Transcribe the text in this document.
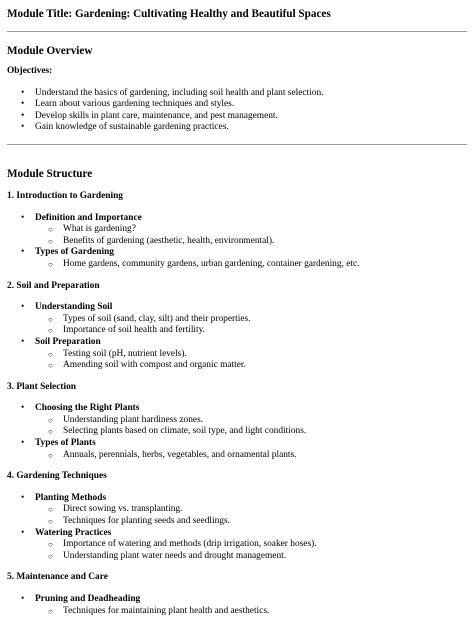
Module Title: Gardening: Cultivating Healthy and Beautiful Spaces
Module Overview
Objectives:
• Understand the basics of gardening, including soil health and plant selection.
• Learn about various gardening techniques and styles.
• Develop skills in plant care, maintenance, and pest management.
• Gain knowledge of sustainable gardening practices.
Module Structure
1. Introduction to Gardening
• Definition and Importance
○ What is gardening?
○ Benefits of gardening (aesthetic, health, environmental).
• Types of Gardening
○ Home gardens, community gardens, urban gardening, container gardening, etc.
2. Soil and Preparation
• Understanding Soil
○ Types of soil (sand, clay, silt) and their properties.
○ Importance of soil health and fertility.
• Soil Preparation
○ Testing soil (pH, nutrient levels).
○ Amending soil with compost and organic matter.
3. Plant Selection
• Choosing the Right Plants
○ Understanding plant hardiness zones.
○ Selecting plants based on climate, soil type, and light conditions.
• Types of Plants
○ Annuals, perennials, herbs, vegetables, and ornamental plants.
4. Gardening Techniques
• Planting Methods
○ Direct sowing vs. transplanting.
○ Techniques for planting seeds and seedlings.
• Watering Practices
○ Importance of watering and methods (drip irrigation, soaker hoses).
○ Understanding plant water needs and drought management.
5. Maintenance and Care
• Pruning and Deadheading
○ Techniques for maintaining plant health and aesthetics.
